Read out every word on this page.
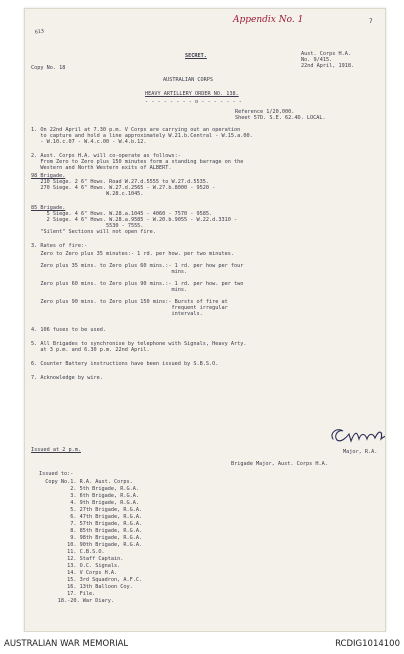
Appendix No. 1	7
613
SECRET.
Copy No. 18
Aust. Corps H.A.
No. 9/415.
22nd April, 1918.
AUSTRALIAN CORPS
HEAVY ARTILLERY ORDER NO. 138.
- - - - - - - - o - - - - - - -
Reference 1/20,000.
Sheet 57D. S.E. 62.4D. LOCAL.
1. On 22nd April at 7.30 p.m. V Corps are carrying out an operation
to capture and hold a line approximately W.21.b.Central - W.15.a.00.
- W.10.c.07 - W.4.c.00 - W.4.b.12.
2. Aust. Corps H.A. will co-operate as follows:-
From Zero to Zero plus 150 minutes form a standing barrage on the
Western and North Western exits of ALBERT.
98 Brigade.
210 Siege. 2 6" Hows. Road W.27.d.5555 to W.27.d.5535.
270 Siege. 4 6" Hows. W.27.d.2565 - W.27.b.8000 - 9520 -
W.28.c.1045.
85 Brigade.
5 Siege. 4 6" Hows. W.28.a.1045 - 4060 - 7570 - 9585.
2 Siege. 4 6" Hows. W.28.a.9585 - W.20.b.9055 - W.22.d.3310 -
5530 - 7555.
"Silent" Sections will not open fire.
3. Rates of fire:-
Zero to Zero plus 35 minutes:- 1 rd. per how. per two minutes.
Zero plus 35 mins. to Zero plus 60 mins.:- 1 rd. per how per four
mins.
Zero plus 60 mins. to Zero plus 90 mins.:- 1 rd. per how. per two
mins.
Zero plus 90 mins. to Zero plus 150 mins:- Bursts of fire at
frequent irregular
intervals.
4. 106 fuses to be used.
5. All Brigades to synchronise by telephone with Signals, Heavy Arty.
at 3 p.m. and 6.30 p.m. 22nd April.
6. Counter Battery instructions have been issued by S.B.S.O.
7. Acknowledge by wire.
Major, R.A.
Brigade Major, Aust. Corps H.A.
Issued at 2 p.m.
Issued to:-
Copy No.1. R.A. Aust. Corps.
2. 5th Brigade, R.G.A.
3. 6th Brigade, R.G.A.
4. 9th Brigade, R.G.A.
5. 27th Brigade, R.G.A.
6. 47th Brigade, R.G.A.
7. 57th Brigade, R.G.A.
8. 85th Brigade, R.G.A.
9. 98th Brigade, R.G.A.
10. 90th Brigade, R.G.A.
11. C.B.S.O.
12. Staff Captain.
13. O.C. Signals.
14. V Corps H.A.
15. 3rd Squadron, A.F.C.
16. 13th Balloon Coy.
17. File.
18.-20. War Diary.
AUSTRALIAN WAR MEMORIAL	RCDIG1014100
